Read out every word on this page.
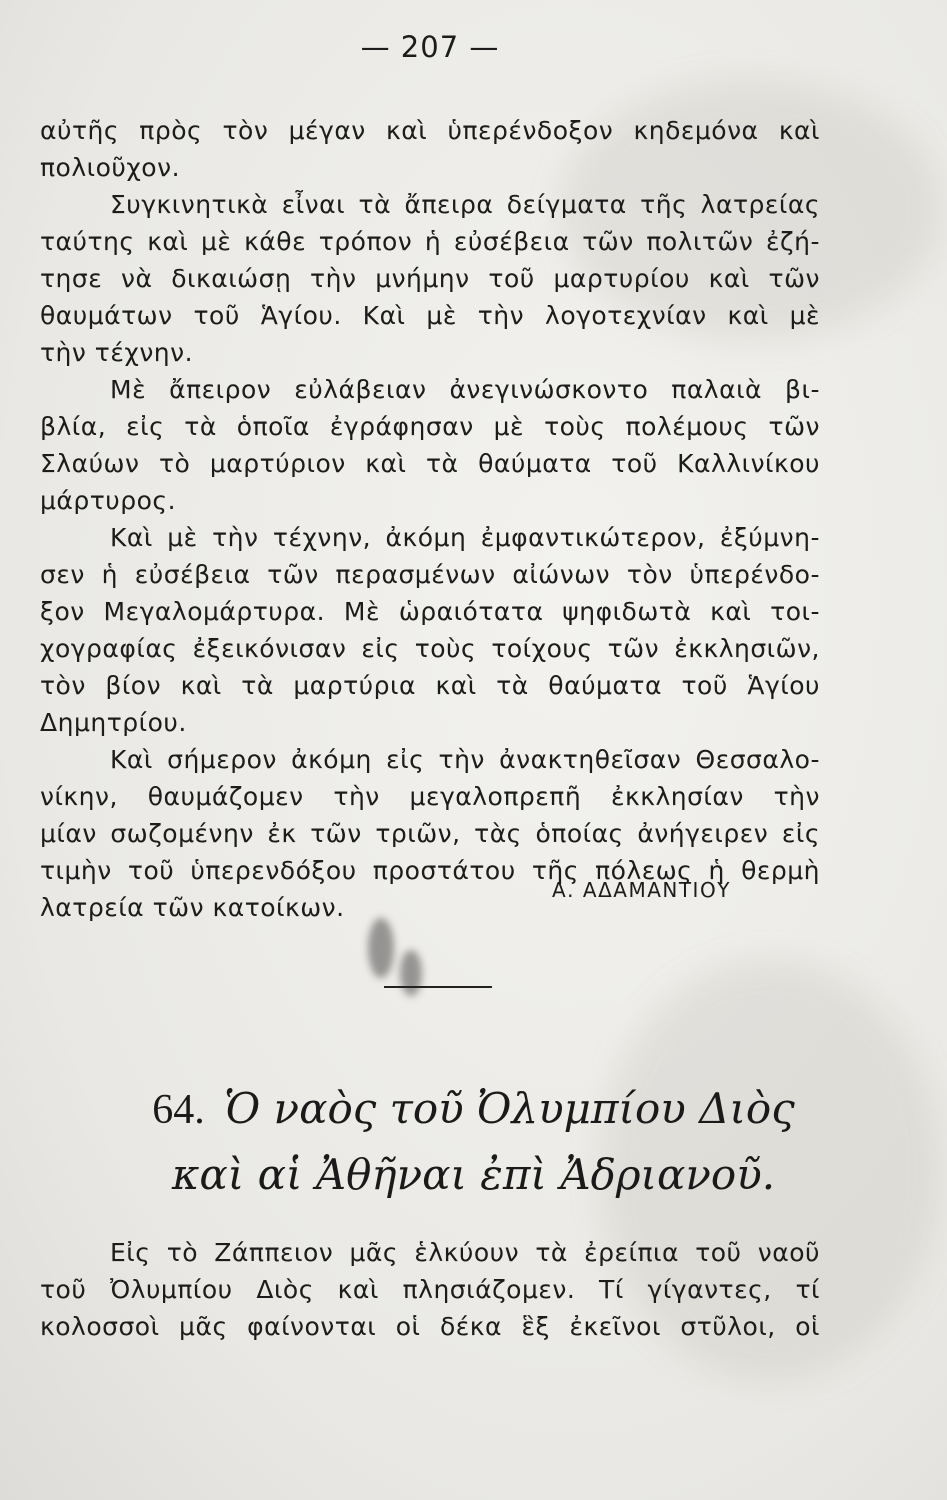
— 207 —
αὐτῆς πρὸς τὸν μέγαν καὶ ὑπερένδοξον κηδεμόνα καὶ
πολιοῦχον.
Συγκινητικὰ εἶναι τὰ ἄπειρα δείγματα τῆς λατρείας
ταύτης καὶ μὲ κάθε τρόπον ἡ εὐσέβεια τῶν πολιτῶν ἐζή-
τησε νὰ δικαιώσῃ τὴν μνήμην τοῦ μαρτυρίου καὶ τῶν
θαυμάτων τοῦ Ἁγίου. Καὶ μὲ τὴν λογοτεχνίαν καὶ μὲ
τὴν τέχνην.
Μὲ ἄπειρον εὐλάβειαν ἀνεγινώσκοντο παλαιὰ βι-
βλία, εἰς τὰ ὁποῖα ἐγράφησαν μὲ τοὺς πολέμους τῶν
Σλαύων τὸ μαρτύριον καὶ τὰ θαύματα τοῦ Καλλινίκου
μάρτυρος.
Καὶ μὲ τὴν τέχνην, ἀκόμη ἐμφαντικώτερον, ἐξύμνη-
σεν ἡ εὐσέβεια τῶν περασμένων αἰώνων τὸν ὑπερένδο-
ξον Μεγαλομάρτυρα. Μὲ ὡραιότατα ψηφιδωτὰ καὶ τοι-
χογραφίας ἐξεικόνισαν εἰς τοὺς τοίχους τῶν ἐκκλησιῶν,
τὸν βίον καὶ τὰ μαρτύρια καὶ τὰ θαύματα τοῦ Ἁγίου
Δημητρίου.
Καὶ σήμερον ἀκόμη εἰς τὴν ἀνακτηθεῖσαν Θεσσαλο-
νίκην, θαυμάζομεν τὴν μεγαλοπρεπῆ ἐκκλησίαν τὴν
μίαν σωζομένην ἐκ τῶν τριῶν, τὰς ὁποίας ἀνήγειρεν εἰς
τιμὴν τοῦ ὑπερενδόξου προστάτου τῆς πόλεως ἡ θερμὴ
λατρεία τῶν κατοίκων.
Α. ΑΔΑΜΑΝΤΙΟΥ
64. Ὁ ναὸς τοῦ Ὀλυμπίου Διὸς
καὶ αἱ Ἀθῆναι ἐπὶ Ἀδριανοῦ.
Εἰς τὸ Ζάππειον μᾶς ἑλκύουν τὰ ἐρείπια τοῦ ναοῦ
τοῦ Ὀλυμπίου Διὸς καὶ πλησιάζομεν. Τί γίγαντες, τί
κολοσσοὶ μᾶς φαίνονται οἱ δέκα ἓξ ἐκεῖνοι στῦλοι, οἱ
